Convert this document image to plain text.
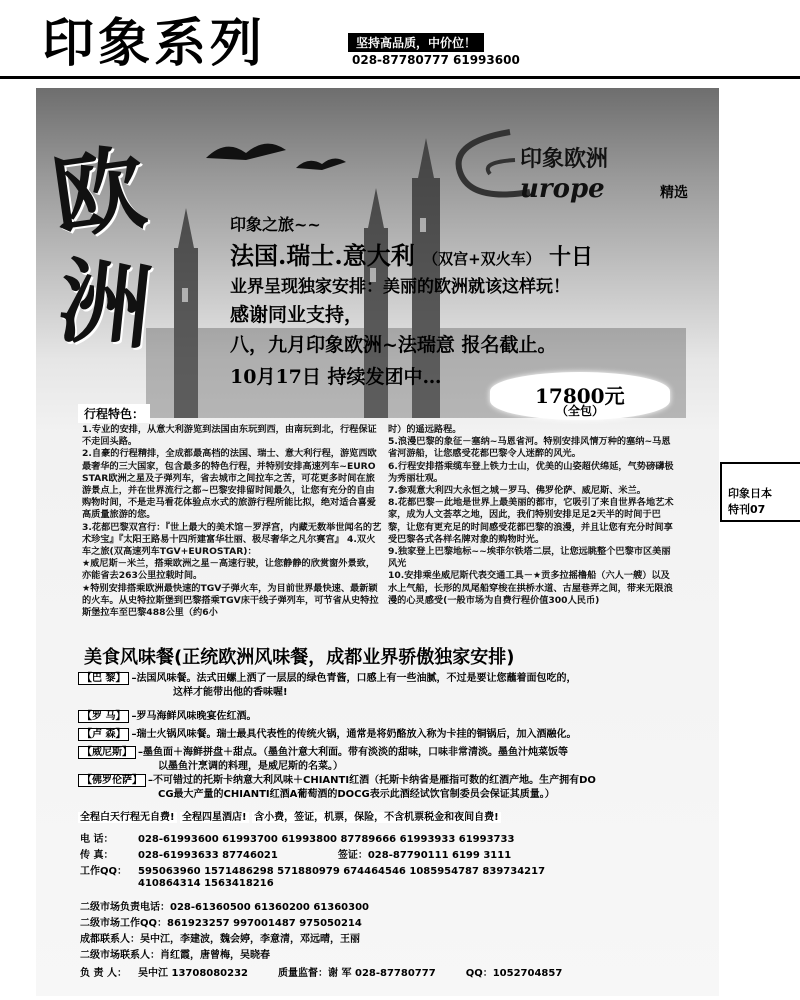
印象系列	坚持高品质，中价位！
028-87780777 61993600
印象日本
特刊07
欧
洲
印象欧洲
urope	精选
印象之旅~~
法国.瑞士.意大利 （双宫+双火车） 十日
业界呈现独家安排：美丽的欧洲就该这样玩！
感谢同业支持，
八，九月印象欧洲~法瑞意 报名截止。
10月17日 持续发团中…
17800元
（全包）
行程特色：
1.专业的安排，从意大利游览到法国由东玩到西，由南玩到北，行程保证不走回头路。
2.自豪的行程精排，全成都最高档的法国、瑞士、意大利行程，游览西欧最奢华的三大国家，包含最多的特色行程，并特别安排高速列车~EURO STAR欧洲之星及子弹列车，省去城市之间拉车之苦，可花更多时间在旅游景点上，并在世界流行之都~巴黎安排留时间最久，让您有充分的自由购物时间，不是走马看花体验点水式的旅游行程所能比拟，绝对适合喜爱高质量旅游的您。
3.花都巴黎双宫行：『世上最大的美术馆－罗浮宫，内藏无数举世闻名的艺术珍宝』『太阳王路易十四所建富华壮丽、极尽奢华之凡尔赛宫』 4.双火车之旅(双高速列车TGV+EUROSTAR)：
★威尼斯－米兰，搭乘欧洲之星－高速行驶，让您静静的欣赏窗外景致，亦能省去263公里拉载时间。
★特别安排搭乘欧洲最快速的TGV子弹火车，为目前世界最快速、最新颖的火车。从史特拉斯堡到巴黎搭乘TGV床干线子弹列车，可节省从史特拉斯堡拉车至巴黎488公里（约6小
时）的遥远路程。
5.浪漫巴黎的象征－塞纳~马恩省河。特别安排风情万种的塞纳~马恩省河游船，让您感受花都巴黎令人迷醉的风光。
6.行程安排搭乘缆车登上铁力士山，优美的山姿超伏绵延，气势磅礴极为秀丽壮观。
7.参观意大利四大永恒之城－罗马、佛罗伦萨、威尼斯、米兰。
8.花都巴黎－此地是世界上最美丽的都市，它吸引了来自世界各地艺术家，成为人文荟萃之地，因此，我们特别安排足足2天半的时间于巴黎，让您有更充足的时间感受花都巴黎的浪漫，并且让您有充分时间享受巴黎各式各样名牌对象的购物时光。
9.独家登上巴黎地标~~埃菲尔铁塔二层，让您远眺整个巴黎市区美丽风光
10.安排乘坐威尼斯代表交通工具－★贡多拉摇橹船（六人一艘）以及水上气船，长形的凤尾船穿梭在拱桥水道、古屋巷弄之间，带来无限浪漫的心灵感受(一般市场为自费行程价值300人民币)
美食风味餐(正统欧洲风味餐，成都业界骄傲独家安排)
【巴 黎】 –法国风味餐。法式田螺上洒了一层层的绿色青酱，口感上有一些油腻，不过是要让您蘸着面包吃的，
这样才能带出他的香味喔!
【罗 马】 –罗马海鲜风味晚宴佐红酒。
【卢 森】 –瑞士火锅风味餐。瑞士最具代表性的传统火锅，通常是将奶酪放入称为卡挂的铜锅后，加入酒融化。
【威尼斯】 –墨鱼面＋海鲜拼盘＋甜点。（墨鱼汁意大利面。带有淡淡的甜味，口味非常清淡。墨鱼汁炖菜饭等
以墨鱼汁烹调的料理，是威尼斯的名菜。）
【佛罗伦萨】 –不可错过的托斯卡纳意大利风味＋CHIANTI红酒（托斯卡纳省是雁指可数的红酒产地。生产拥有DO
CG最大产量的CHIANTI红酒A葡萄酒的DOCG表示此酒经试饮官制委员会保证其质量。）
全程白天行程无自费! 全程四星酒店! 含小费，签证，机票，保险，不含机票税金和夜间自费!
电 话： 028-61993600 61993700 61993800 87789666 61993933 61993733
传 真： 028-61993633 87746021	签证：028-87790111 6199 3111
工作QQ： 595063960 1571486298 571880979 674464546 1085954787 839734217
410864314 1563418216
二级市场负责电话：028-61360500 61360200 61360300
二级市场工作QQ：861923257 997001487 975050214
成都联系人：吴中江，李建波，魏会婷，李意清，邓远晴，王丽
二级市场联系人：肖红霞，唐曾梅，吴晓春
负 责 人： 吴中江 13708080232	质量监督：谢 军 028-87780777	QQ：1052704857
